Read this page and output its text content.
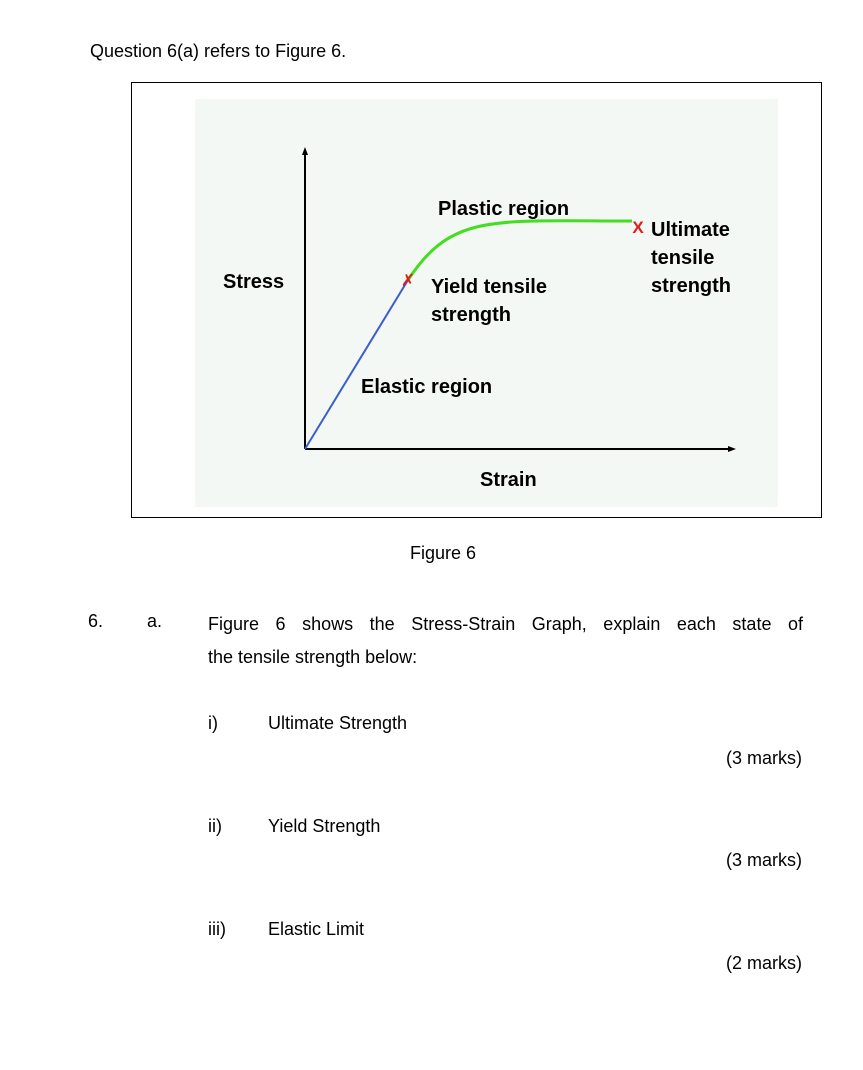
Question 6(a) refers to Figure 6.
✗
X
Plastic region
Stress	Yield tensile
strength
Elastic region
Strain
Ultimate
tensile
strength
Figure 6
6. a.	Figure 6 shows the Stress-Strain Graph, explain each state of
the tensile strength below:
i)	Ultimate Strength
(3 marks)
ii)	Yield Strength
(3 marks)
iii) Elastic Limit
(2 marks)
